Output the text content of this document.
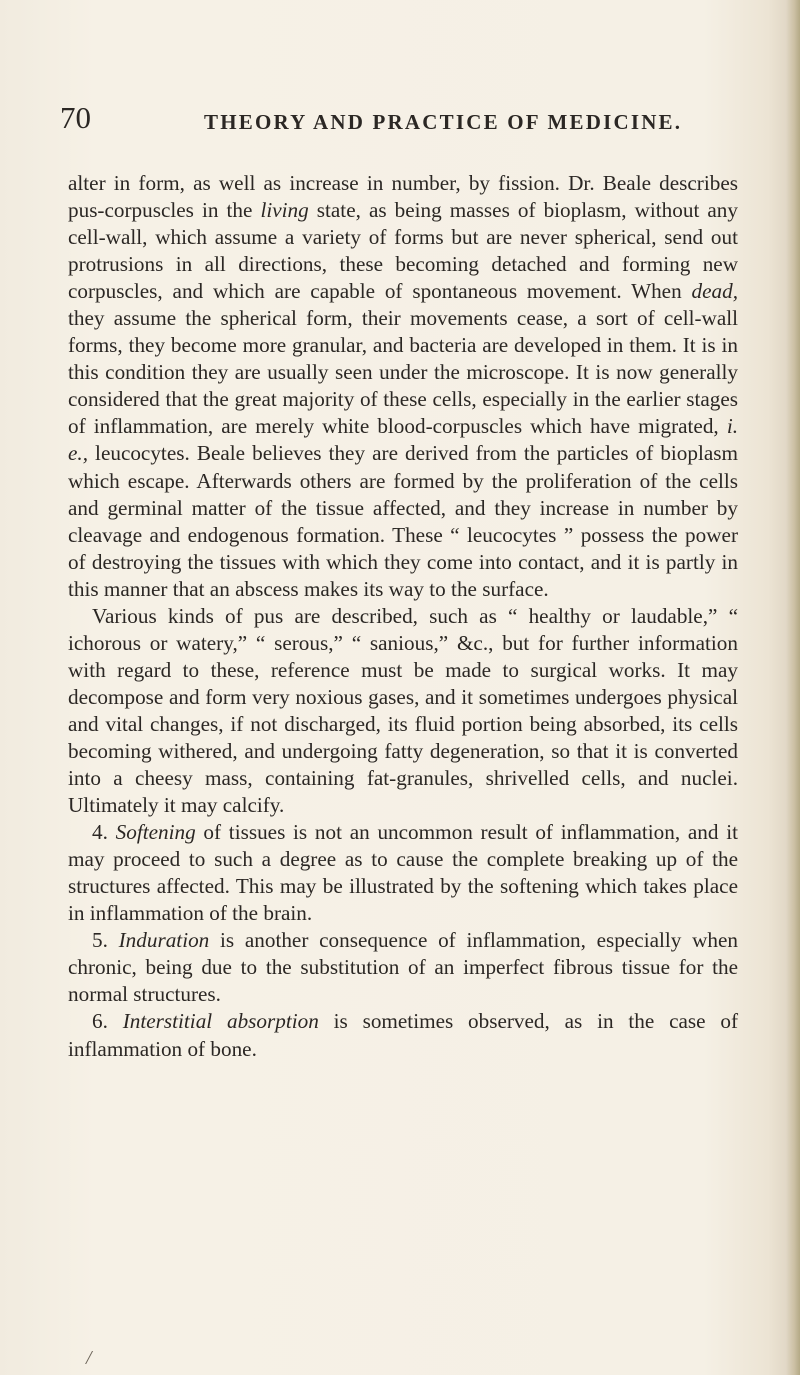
70	THEORY AND PRACTICE OF MEDICINE.

alter in form, as well as increase in number, by fission. Dr. Beale describes pus-corpuscles in the living state, as being masses of bioplasm, without any cell-wall, which assume a variety of forms but are never spherical, send out protrusions in all directions, these becoming detached and forming new corpuscles, and which are capable of spontaneous movement. When dead, they assume the spherical form, their movements cease, a sort of cell-wall forms, they become more granular, and bacteria are developed in them. It is in this condition they are usually seen under the microscope. It is now generally considered that the great majority of these cells, especially in the earlier stages of inflammation, are merely white blood-corpuscles which have migrated, i. e., leucocytes. Beale believes they are derived from the particles of bioplasm which escape. Afterwards others are formed by the proliferation of the cells and germinal matter of the tissue affected, and they increase in number by cleavage and endogenous formation. These “ leucocytes ” possess the power of destroying the tissues with which they come into contact, and it is partly in this manner that an abscess makes its way to the surface.

Various kinds of pus are described, such as “ healthy or laudable,” “ ichorous or watery,” “ serous,” “ sanious,” &c., but for further information with regard to these, reference must be made to surgical works. It may decompose and form very noxious gases, and it sometimes undergoes physical and vital changes, if not discharged, its fluid portion being absorbed, its cells becoming withered, and undergoing fatty degeneration, so that it is converted into a cheesy mass, containing fat-granules, shrivelled cells, and nuclei. Ultimately it may calcify.

4. Softening of tissues is not an uncommon result of inflammation, and it may proceed to such a degree as to cause the complete breaking up of the structures affected. This may be illustrated by the softening which takes place in inflammation of the brain.

5. Induration is another consequence of inflammation, especially when chronic, being due to the substitution of an imperfect fibrous tissue for the normal structures.

6. Interstitial absorption is sometimes observed, as in the case of inflammation of bone.

/
